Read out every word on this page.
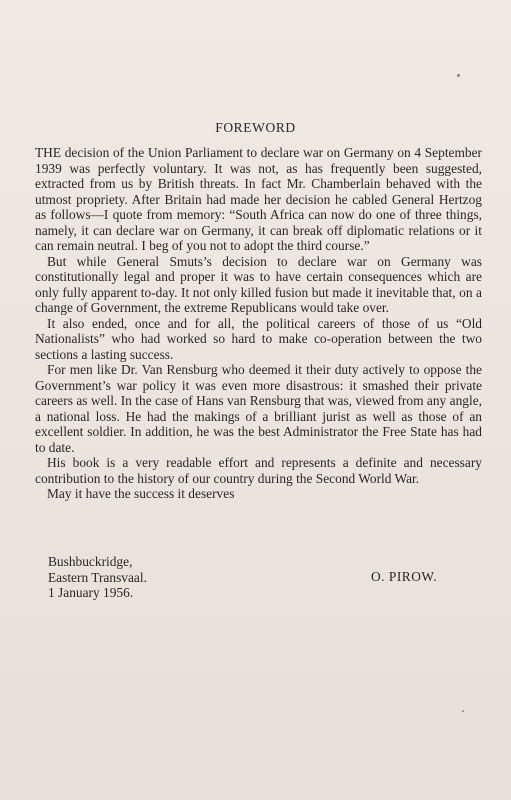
FOREWORD

THE decision of the Union Parliament to declare war on Germany on 4 September 1939 was perfectly voluntary. It was not, as has frequently been suggested, extracted from us by British threats. In fact Mr. Chamberlain behaved with the utmost propriety. After Britain had made her decision he cabled General Hertzog as follows—I quote from memory: “South Africa can now do one of three things, namely, it can declare war on Germany, it can break off diplomatic relations or it can remain neutral. I beg of you not to adopt the third course.”

But while General Smuts’s decision to declare war on Germany was constitutionally legal and proper it was to have certain consequences which are only fully apparent to-day. It not only killed fusion but made it inevitable that, on a change of Government, the extreme Republicans would take over.

It also ended, once and for all, the political careers of those of us “Old Nationalists” who had worked so hard to make co-operation between the two sections a lasting success.

For men like Dr. Van Rensburg who deemed it their duty actively to oppose the Government’s war policy it was even more disastrous: it smashed their private careers as well. In the case of Hans van Rensburg that was, viewed from any angle, a national loss. He had the makings of a brilliant jurist as well as those of an excellent soldier. In addition, he was the best Administrator the Free State has had to date.

His book is a very readable effort and represents a definite and necessary contribution to the history of our country during the Second World War.

May it have the success it deserves

Bushbuckridge,
Eastern Transvaal.
1 January 1956.
O. PIROW.
